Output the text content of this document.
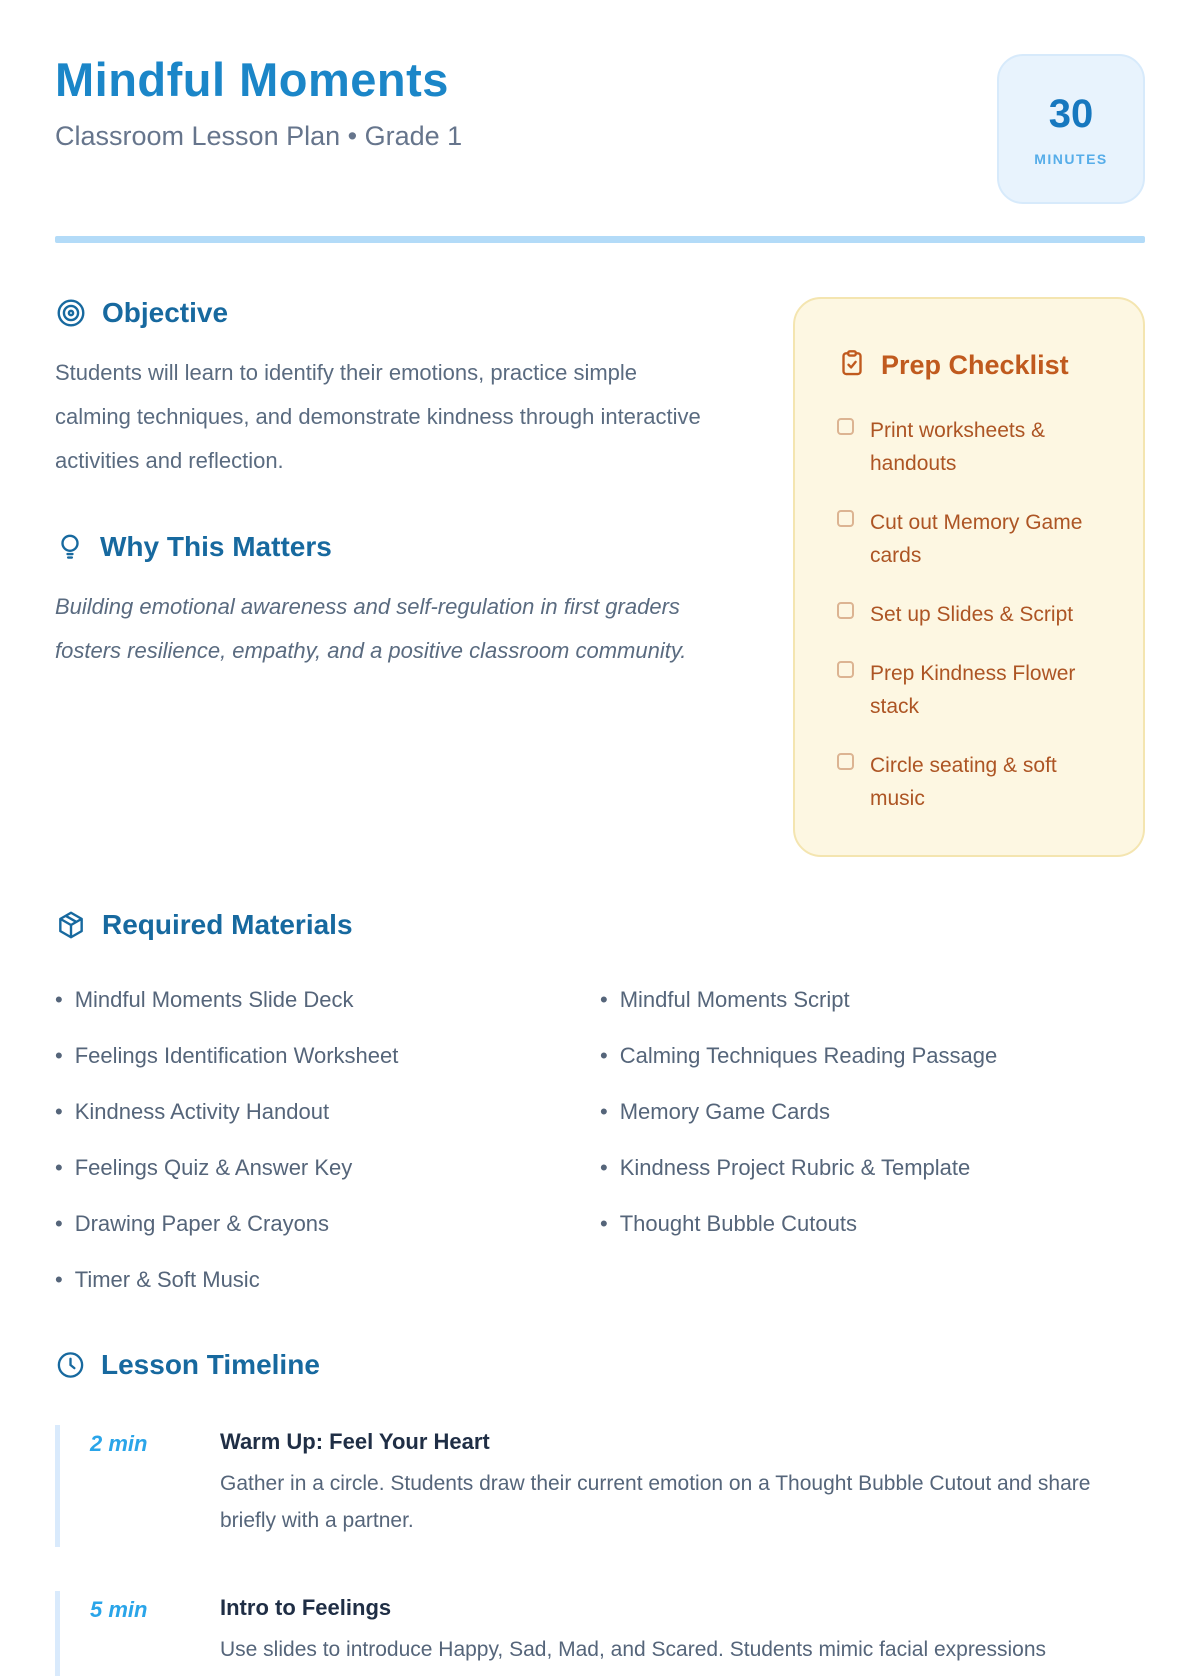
Mindful Moments
Classroom Lesson Plan • Grade 1
30
MINUTES
Objective

Students will learn to identify their emotions, practice simple calming techniques, and demonstrate kindness through interactive activities and reflection.

Why This Matters

Building emotional awareness and self-regulation in first graders fosters resilience, empathy, and a positive classroom community.

Prep Checklist
Print worksheets & handouts
Cut out Memory Game cards
Set up Slides & Script
Prep Kindness Flower stack
Circle seating & soft music
Required Materials
• Mindful Moments Slide Deck
• Feelings Identification Worksheet
• Kindness Activity Handout
• Feelings Quiz & Answer Key
• Drawing Paper & Crayons
• Timer & Soft Music
• Mindful Moments Script
• Calming Techniques Reading Passage
• Memory Game Cards
• Kindness Project Rubric & Template
• Thought Bubble Cutouts
Lesson Timeline
2 min	Warm Up: Feel Your Heart
Gather in a circle. Students draw their current emotion on a Thought Bubble Cutout and share briefly with a partner.
5 min	Intro to Feelings
Use slides to introduce Happy, Sad, Mad, and Scared. Students mimic facial expressions
